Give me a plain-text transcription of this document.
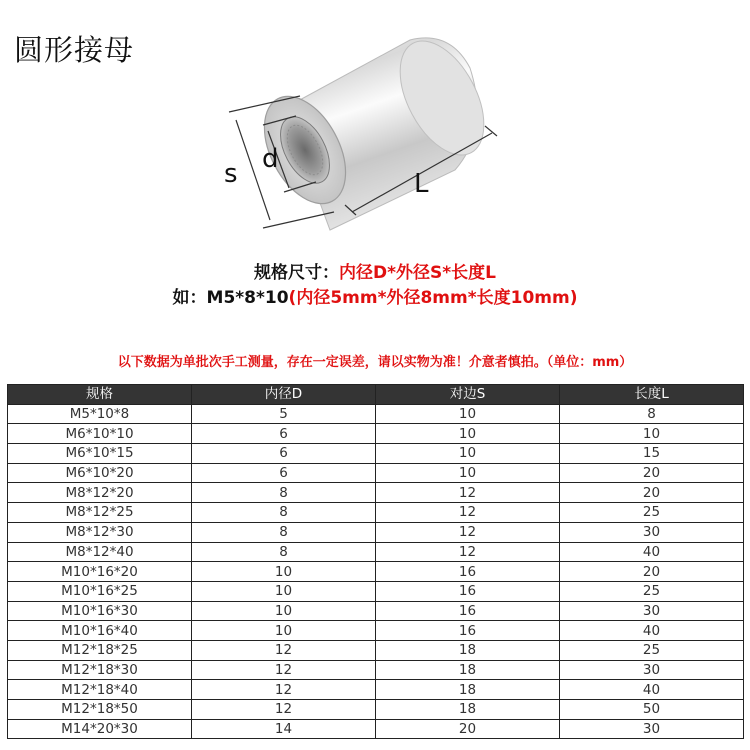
圆形接母
s d
L
规格尺寸：内径D*外径S*长度L
如：M5*8*10(内径5mm*外径8mm*长度10mm)
以下数据为单批次手工测量，存在一定误差，请以实物为准！介意者慎拍。（单位：mm）
规格	内径D	对边S	长度L
M5*10*8	5	10	8
M6*10*10	6	10	10
M6*10*15	6	10	15
M6*10*20	6	10	20
M8*12*20	8	12	20
M8*12*25	8	12	25
M8*12*30	8	12	30
M8*12*40	8	12	40
M10*16*20	10	16	20
M10*16*25	10	16	25
M10*16*30	10	16	30
M10*16*40	10	16	40
M12*18*25	12	18	25
M12*18*30	12	18	30
M12*18*40	12	18	40
M12*18*50	12	18	50
M14*20*30	14	20	30
